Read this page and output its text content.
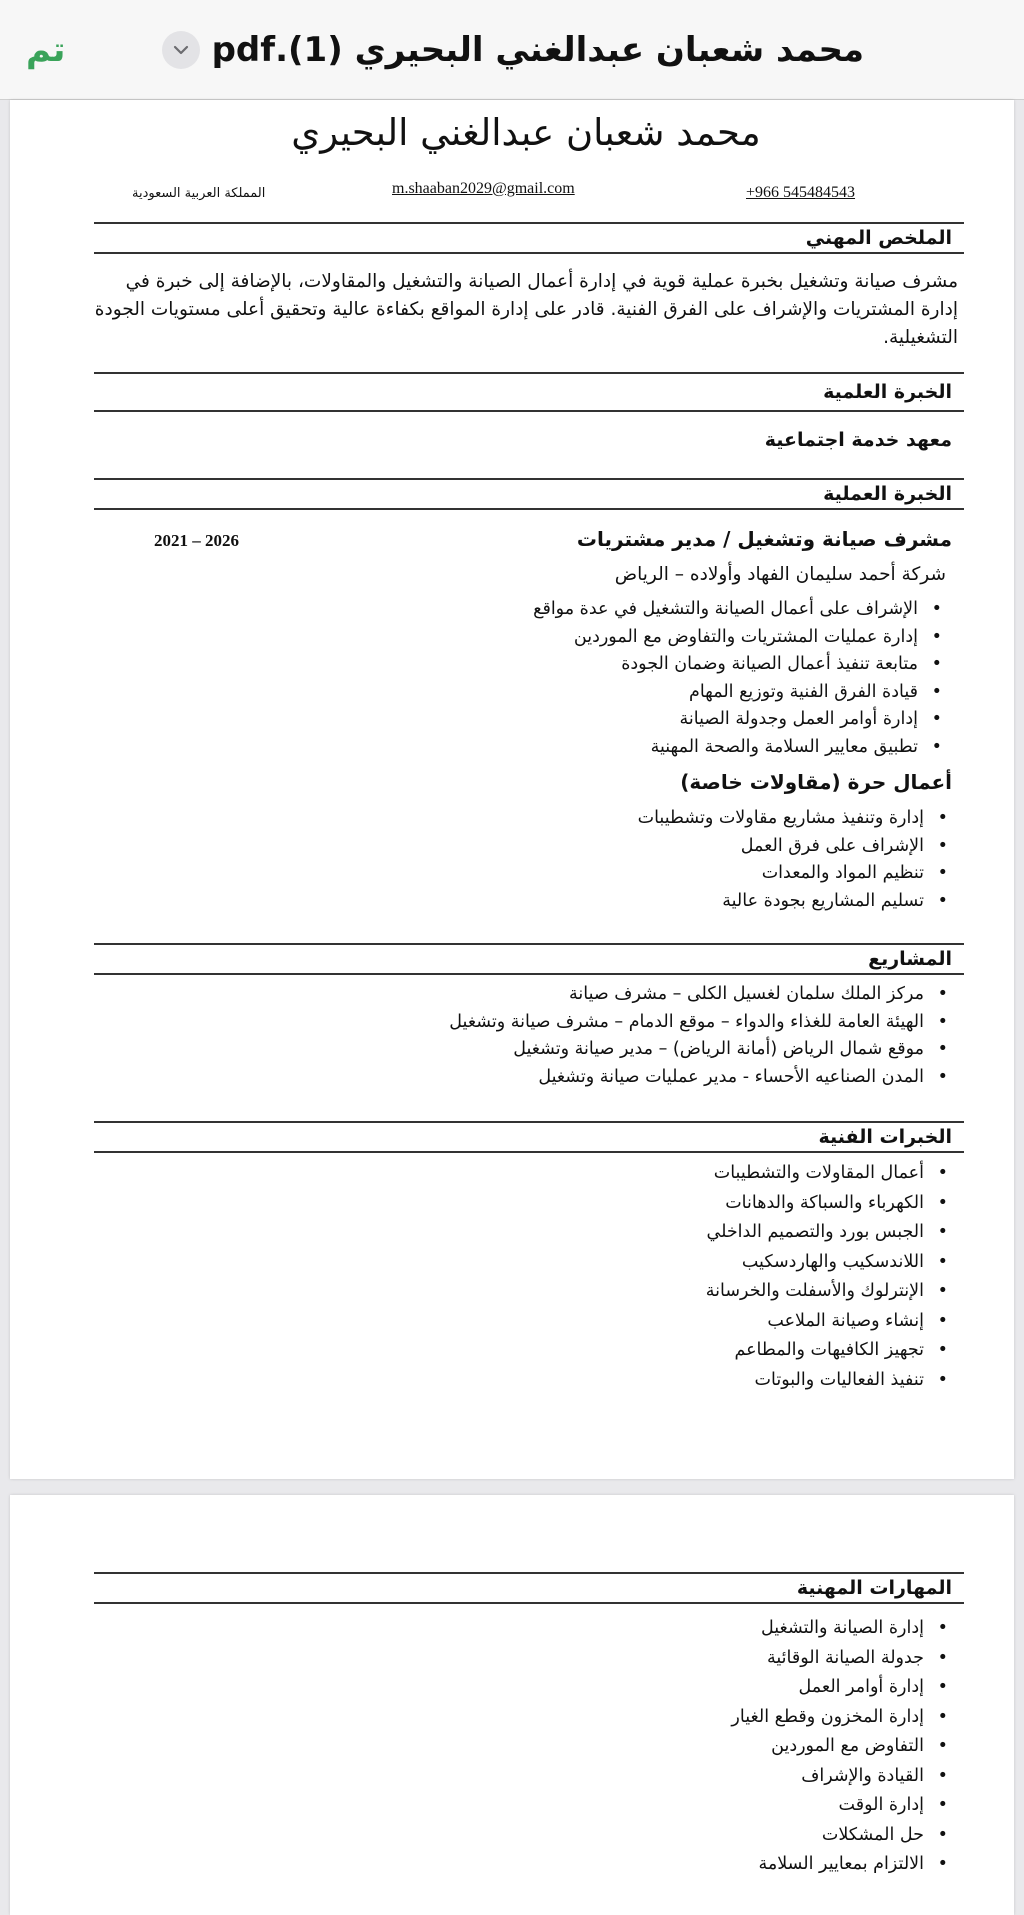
تم	محمد شعبان عبدالغني البحيري (1).pdf
محمد شعبان عبدالغني البحيري
+966 545484543
m.shaaban2029@gmail.com
المملكة العربية السعودية
الملخص المهني
مشرف صيانة وتشغيل بخبرة عملية قوية في إدارة أعمال الصيانة والتشغيل والمقاولات، بالإضافة إلى خبرة في إدارة المشتريات والإشراف على الفرق الفنية. قادر على إدارة المواقع بكفاءة عالية وتحقيق أعلى مستويات الجودة التشغيلية.
الخبرة العلمية
معهد خدمة اجتماعية
الخبرة العملية
مشرف صيانة وتشغيل / مدير مشتريات
2021 – 2026
شركة أحمد سليمان الفهاد وأولاده – الرياض
• الإشراف على أعمال الصيانة والتشغيل في عدة مواقع
• إدارة عمليات المشتريات والتفاوض مع الموردين
• متابعة تنفيذ أعمال الصيانة وضمان الجودة
• قيادة الفرق الفنية وتوزيع المهام
• إدارة أوامر العمل وجدولة الصيانة
• تطبيق معايير السلامة والصحة المهنية
أعمال حرة (مقاولات خاصة)
• إدارة وتنفيذ مشاريع مقاولات وتشطيبات
• الإشراف على فرق العمل
• تنظيم المواد والمعدات
• تسليم المشاريع بجودة عالية
المشاريع
• مركز الملك سلمان لغسيل الكلى – مشرف صيانة
• الهيئة العامة للغذاء والدواء – موقع الدمام – مشرف صيانة وتشغيل
• موقع شمال الرياض (أمانة الرياض) – مدير صيانة وتشغيل
• المدن الصناعيه الأحساء - مدير عمليات صيانة وتشغيل
الخبرات الفنية
• أعمال المقاولات والتشطيبات
• الكهرباء والسباكة والدهانات
• الجبس بورد والتصميم الداخلي
• اللاندسكيب والهاردسكيب
• الإنترلوك والأسفلت والخرسانة
• إنشاء وصيانة الملاعب
• تجهيز الكافيهات والمطاعم
• تنفيذ الفعاليات والبوتات
المهارات المهنية
• إدارة الصيانة والتشغيل
• جدولة الصيانة الوقائية
• إدارة أوامر العمل
• إدارة المخزون وقطع الغيار
• التفاوض مع الموردين
• القيادة والإشراف
• إدارة الوقت
• حل المشكلات
• الالتزام بمعايير السلامة
